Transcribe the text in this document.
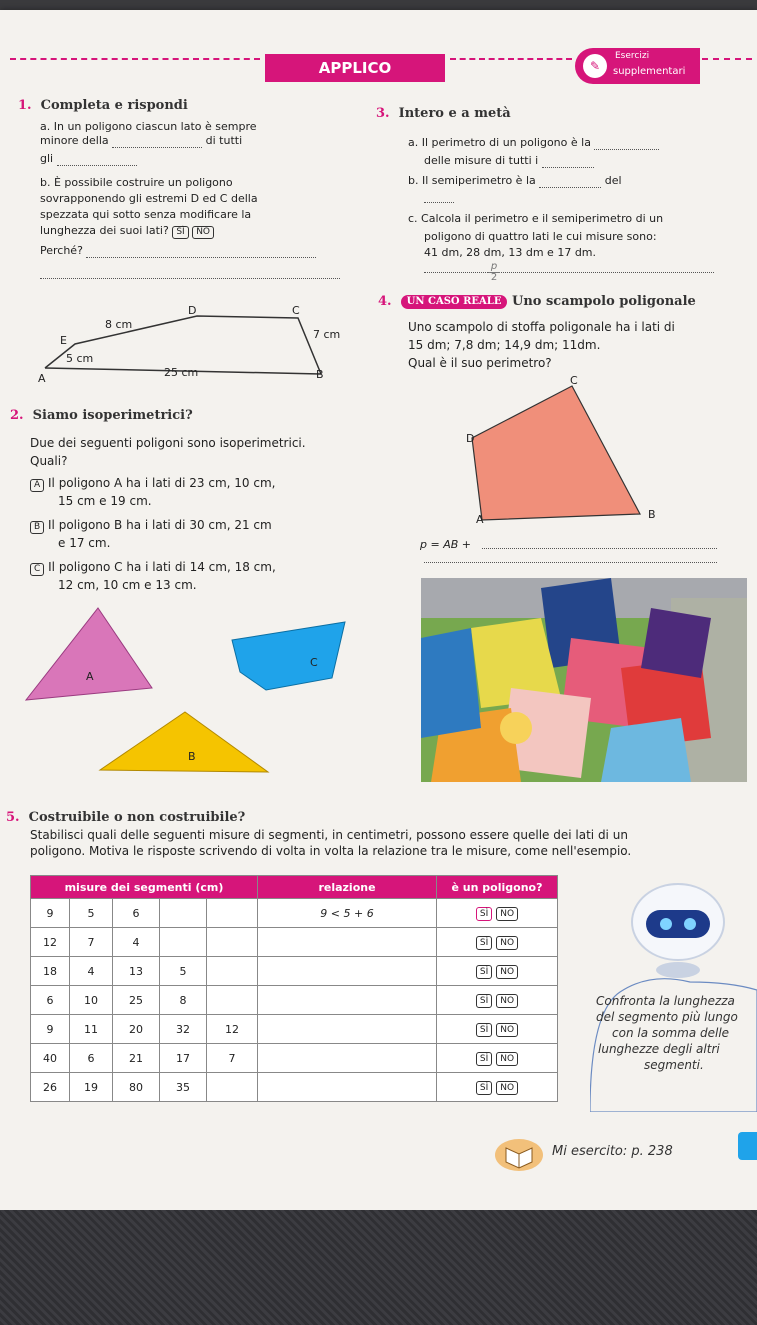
APPLICO	✎
Esercizi
supplementari
1. Completa e rispondi
a. In un poligono ciascun lato è sempre
minore della	di tutti
gli
b. È possibile costruire un poligono
sovrapponendo gli estremi D ed C della
spezzata qui sotto senza modificare la
lunghezza dei suoi lati? SÌ NO
Perché?
D	C
E
A	B
8 cm
7 cm
5 cm
25 cm
2. Siamo isoperimetrici?
Due dei seguenti poligoni sono isoperimetrici.
Quali?
A Il poligono A ha i lati di 23 cm, 10 cm,
15 cm e 19 cm.
B Il poligono B ha i lati di 30 cm, 21 cm
e 17 cm.
C Il poligono C ha i lati di 14 cm, 18 cm,
12 cm, 10 cm e 13 cm.
A
C
B
3. Intero e a metà
a. Il perimetro di un poligono è la
delle misure di tutti i
b. Il semiperimetro è la	del
c. Calcola il perimetro e il semiperimetro di un
poligono di quattro lati le cui misure sono:
41 dm, 28 dm, 13 dm e 17 dm.
$\frac{p}{2}$
4. UN CASO REALE Uno scampolo poligonale
Uno scampolo di stoffa poligonale ha i lati di
15 dm; 7,8 dm; 14,9 dm; 11dm.
Qual è il suo perimetro?
C
D
A	B
p = AB +
5. Costruibile o non costruibile?
Stabilisci quali delle seguenti misure di segmenti, in centimetri, possono essere quelle dei lati di un
poligono. Motiva le risposte scrivendo di volta in volta la relazione tra le misure, come nell'esempio.
misure dei segmenti (cm)					relazione	è un poligono?
9	5	6			9 < 5 + 6	SÌ NO
12	7	4				SÌ NO
18	4	13	5			SÌ NO
6	10	25	8			SÌ NO
9	11	20	32	12		SÌ NO
40	6	21	17	7		SÌ NO
26	19	80	35			SÌ NO
Confronta la lunghezza
del segmento più lungo
con la somma delle
lunghezze degli altri
segmenti.
Mi esercito: p. 238
